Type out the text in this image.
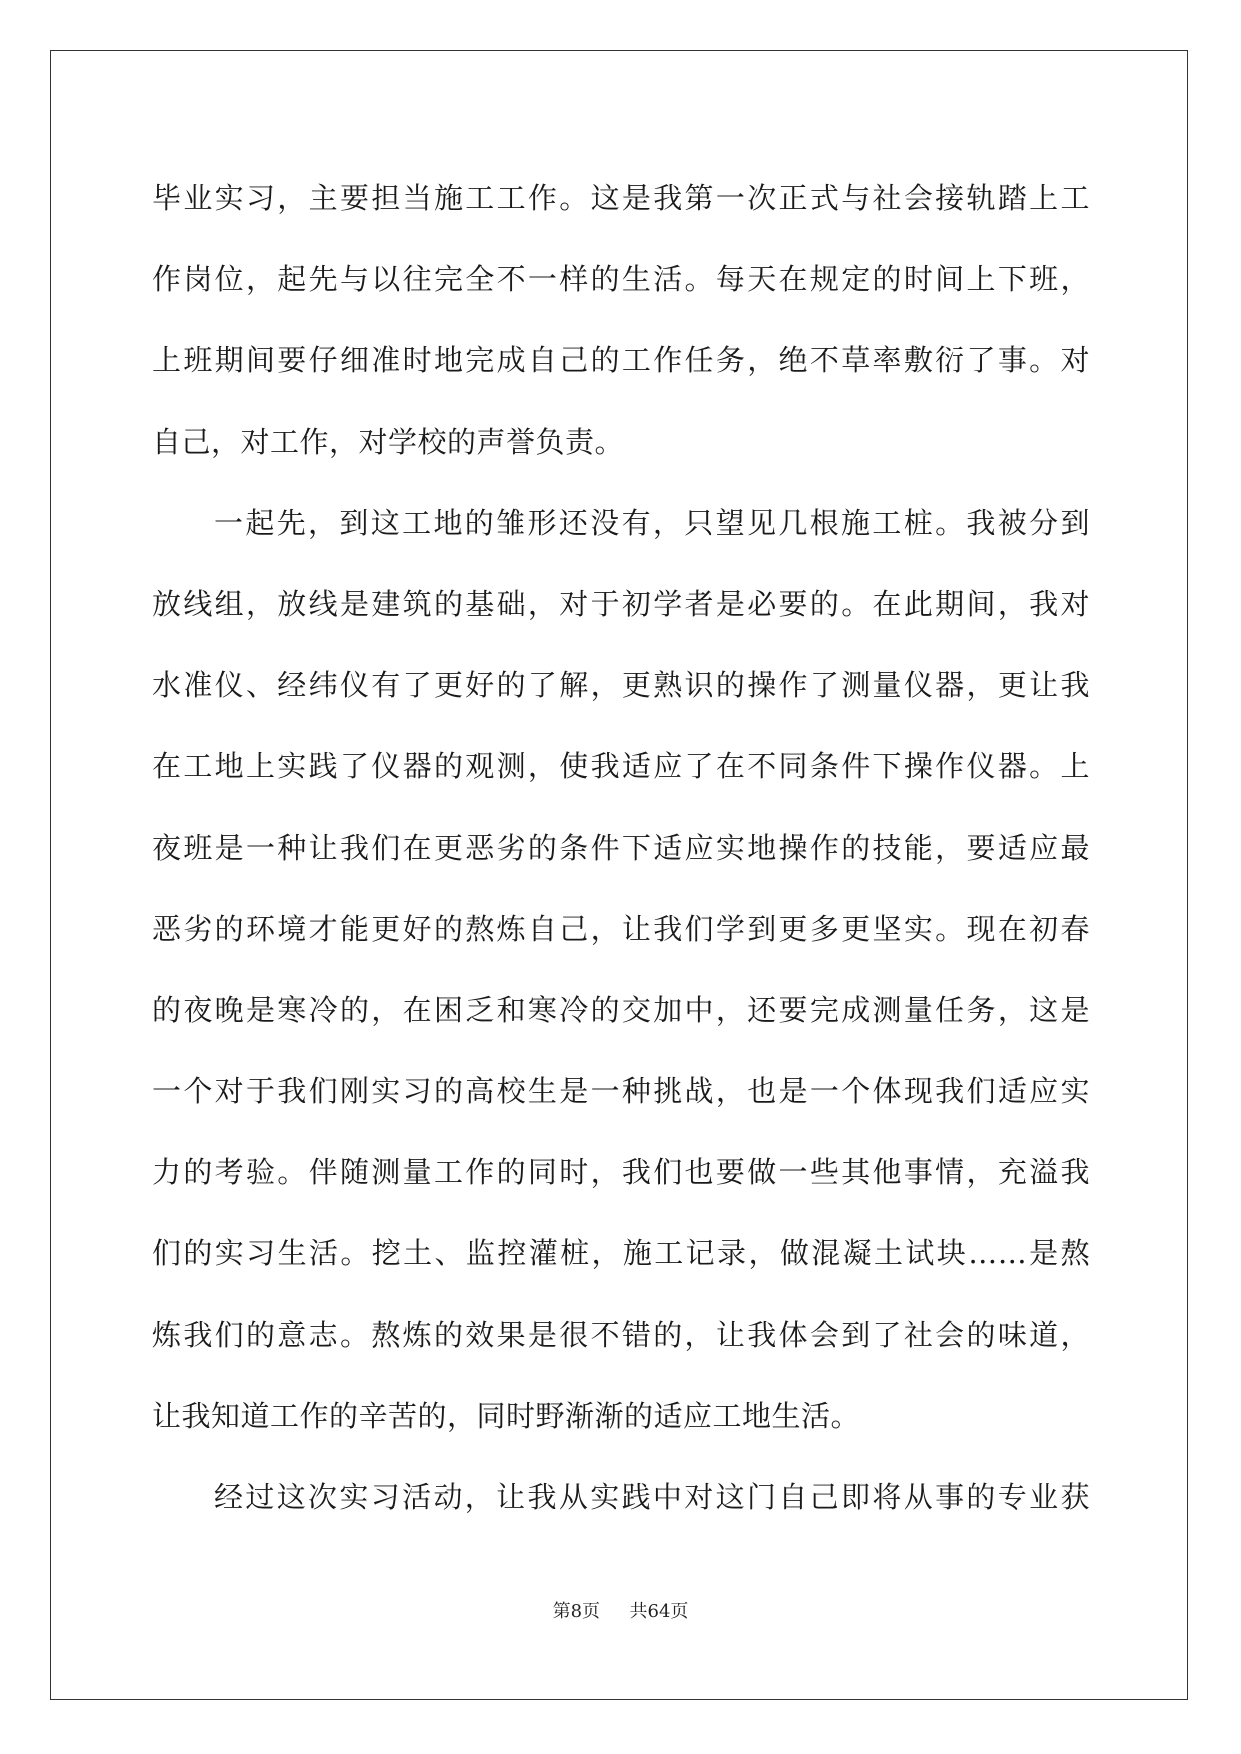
毕业实习，主要担当施工工作。这是我第一次正式与社会接轨踏上工
作岗位，起先与以往完全不一样的生活。每天在规定的时间上下班，
上班期间要仔细准时地完成自己的工作任务，绝不草率敷衍了事。对
自己，对工作，对学校的声誉负责。
一起先，到这工地的雏形还没有，只望见几根施工桩。我被分到
放线组，放线是建筑的基础，对于初学者是必要的。在此期间，我对
水准仪、经纬仪有了更好的了解，更熟识的操作了测量仪器，更让我
在工地上实践了仪器的观测，使我适应了在不同条件下操作仪器。上
夜班是一种让我们在更恶劣的条件下适应实地操作的技能，要适应最
恶劣的环境才能更好的熬炼自己，让我们学到更多更坚实。现在初春
的夜晚是寒冷的，在困乏和寒冷的交加中，还要完成测量任务，这是
一个对于我们刚实习的高校生是一种挑战，也是一个体现我们适应实
力的考验。伴随测量工作的同时，我们也要做一些其他事情，充溢我
们的实习生活。挖土、监控灌桩，施工记录，做混凝土试块……是熬
炼我们的意志。熬炼的效果是很不错的，让我体会到了社会的味道，
让我知道工作的辛苦的，同时野渐渐的适应工地生活。
经过这次实习活动，让我从实践中对这门自己即将从事的专业获
第8页 共64页
